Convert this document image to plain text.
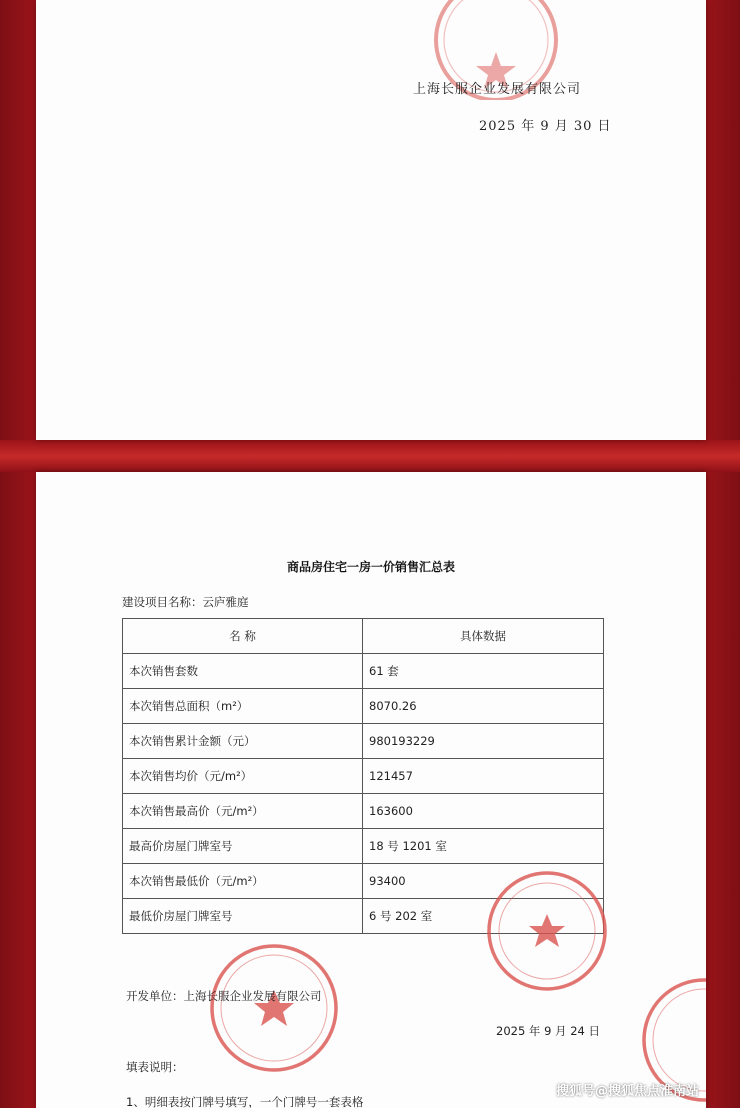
上海长服企业发展有限公司
2025 年 9 月 30 日
商品房住宅一房一价销售汇总表
建设项目名称：云庐雅庭
名 称	具体数据
本次销售套数	61 套
本次销售总面积（m²）	8070.26
本次销售累计金额（元）	980193229
本次销售均价（元/m²）	121457
本次销售最高价（元/m²）	163600
最高价房屋门牌室号	18 号 1201 室
本次销售最低价（元/m²）	93400
最低价房屋门牌室号	6 号 202 室
开发单位：上海长服企业发展有限公司
2025 年 9 月 24 日
填表说明：
1、明细表按门牌号填写，一个门牌号一套表格
搜狐号@搜狐焦点淮南站
